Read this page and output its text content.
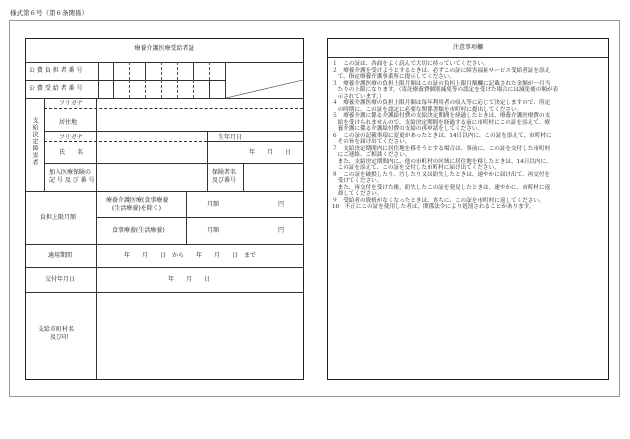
様式第６号（第６条関係）
療養介護医療受給者証
公 費 負 担 者 番 号
公 費 受 給 者 番 号
支給決定障害者
フリガナ
居住地
フリガナ	生年月日
氏　　名	年　　月　　日
加入医療保険の
記 号 及 び 番 号
保険者名
及び番号
負担上限月額
療養介護医療(食事療養
(生活療養)を除く)
月額	円
食事療養(生活療養)	月額	円
適用期間	年　　月　　日　から　　年　　月　　日　まで
交付年月日	年　　月　　日
支給市町村名
及び印
注意事項欄
１　この証は、各面をよく読んで大切に持っていてください。
２　療養介護を受けようとするときは、必ずこの証に障害福祉サービス受給者証を添え
　て、指定療養介護事業所に提示してください。
３　療養介護医療の負担上限月額はこの証の負担上限月額欄に記載された金額が一月当
　たりの上限になります。（寄託療養費個別減免等の認定を受けた場合には減免後の額が表
　示されています。）
４　療養介護医療の負担上限月額は毎年利用者の収入等に応じて決定しますので、所定
　の時期に、この証を認定に必要な関係書類を市町村に提出してください。
５　療養介護に係る介護給付費の支給決定期間を経過したときは、療養介護医療費の支
　給を受けられませんので、支給決定期間を経過する前に市町村にこの証を添えて、療
　養介護に係る介護給付費の支給の再申請をしてください。
６　この証の記載事項に変更があったときは、14日以内に、この証を添えて、市町村に
　その旨を届け出てください。
７　支給決定期間内に居住地を移そうとする場合は、事前に、この証を交付した市町村
　にご連絡、ご相談ください。
　また、支給決定期間内に、他の市町村の区域に居住地を移したときは、14日以内に、
　この証を添えて、この証を交付した市町村に届け出てください。
８　この証を破損したり、汚したり又は紛失したときは、速やかに届け出て、再交付を
　受けてください。
　また、再交付を受けた後、紛失したこの証を発見したときは、速やかに、市町村に返
　却してください。
９　受給者の資格がなくなったときは、直ちに、この証を市町村に返してください。
10　不正にこの証を使用した者は、関係法令により処罰されることがあります。
